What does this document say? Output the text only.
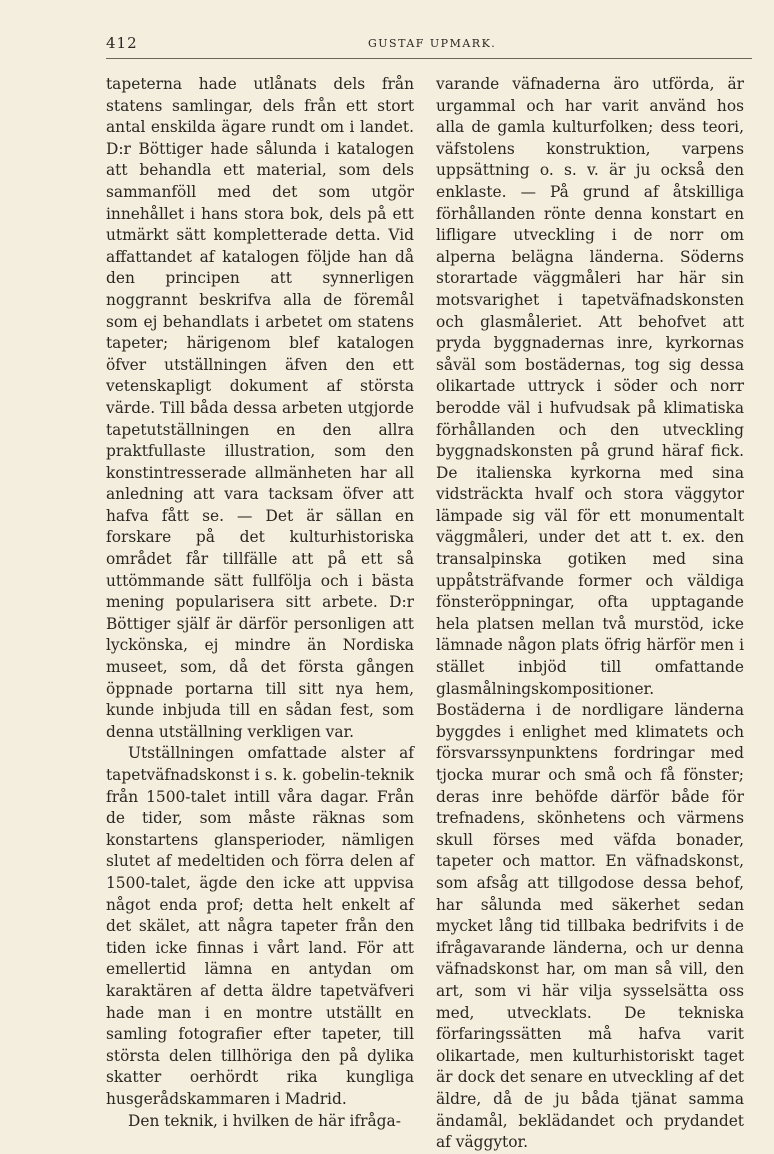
412	GUSTAF UPMARK.

tapeterna hade utlånats dels från statens samlingar, dels från ett stort antal enskilda ägare rundt om i landet. D:r Böttiger hade sålunda i katalogen att behandla ett material, som dels sammanföll med det som utgör innehållet i hans stora bok, dels på ett utmärkt sätt kompletterade detta. Vid affattandet af katalogen följde han då den principen att synnerligen noggrannt beskrifva alla de föremål som ej behandlats i arbetet om statens tapeter; härigenom blef katalogen öfver utställningen äfven den ett vetenskapligt dokument af största värde. Till båda dessa arbeten utgjorde tapetutställningen en den allra praktfullaste illustration, som den konstintresserade allmänheten har all anledning att vara tacksam öfver att hafva fått se. — Det är sällan en forskare på det kulturhistoriska området får tillfälle att på ett så uttömmande sätt fullfölja och i bästa mening popularisera sitt arbete. D:r Böttiger själf är därför personligen att lyckönska, ej mindre än Nordiska museet, som, då det första gången öppnade portarna till sitt nya hem, kunde inbjuda till en sådan fest, som denna utställning verkligen var.

Utställningen omfattade alster af tapetväfnadskonst i s. k. gobelin-teknik från 1500-talet intill våra dagar. Från de tider, som måste räknas som konstartens glansperioder, nämligen slutet af medeltiden och förra delen af 1500-talet, ägde den icke att uppvisa något enda prof; detta helt enkelt af det skälet, att några tapeter från den tiden icke finnas i vårt land. För att emellertid lämna en antydan om karaktären af detta äldre tapetväfveri hade man i en montre utställt en samling fotografier efter tapeter, till största delen tillhöriga den på dylika skatter oerhördt rika kungliga husgerådskammaren i Madrid.

Den teknik, i hvilken de här ifråga-

varande väfnaderna äro utförda, är urgammal och har varit använd hos alla de gamla kulturfolken; dess teori, väfstolens konstruktion, varpens uppsättning o. s. v. är ju också den enklaste. — På grund af åtskilliga förhållanden rönte denna konstart en lifligare utveckling i de norr om alperna belägna länderna. Söderns storartade väggmåleri har här sin motsvarighet i tapetväfnadskonsten och glasmåleriet. Att behofvet att pryda byggnadernas inre, kyrkornas såväl som bostädernas, tog sig dessa olikartade uttryck i söder och norr berodde väl i hufvudsak på klimatiska förhållanden och den utveckling byggnadskonsten på grund häraf fick. De italienska kyrkorna med sina vidsträckta hvalf och stora väggytor lämpade sig väl för ett monumentalt väggmåleri, under det att t. ex. den transalpinska gotiken med sina uppåtsträfvande former och väldiga fönsteröppningar, ofta upptagande hela platsen mellan två murstöd, icke lämnade någon plats öfrig härför men i stället inbjöd till omfattande glasmålningskompositioner. Bostäderna i de nordligare länderna byggdes i enlighet med klimatets och försvarssynpunktens fordringar med tjocka murar och små och få fönster; deras inre behöfde därför både för trefnadens, skönhetens och värmens skull förses med väfda bonader, tapeter och mattor. En väfnadskonst, som afsåg att tillgodose dessa behof, har sålunda med säkerhet sedan mycket lång tid tillbaka bedrifvits i de ifrågavarande länderna, och ur denna väfnadskonst har, om man så vill, den art, som vi här vilja sysselsätta oss med, utvecklats. De tekniska förfaringssätten må hafva varit olikartade, men kulturhistoriskt taget är dock det senare en utveckling af det äldre, då de ju båda tjänat samma ändamål, beklädandet och prydandet af väggytor.
